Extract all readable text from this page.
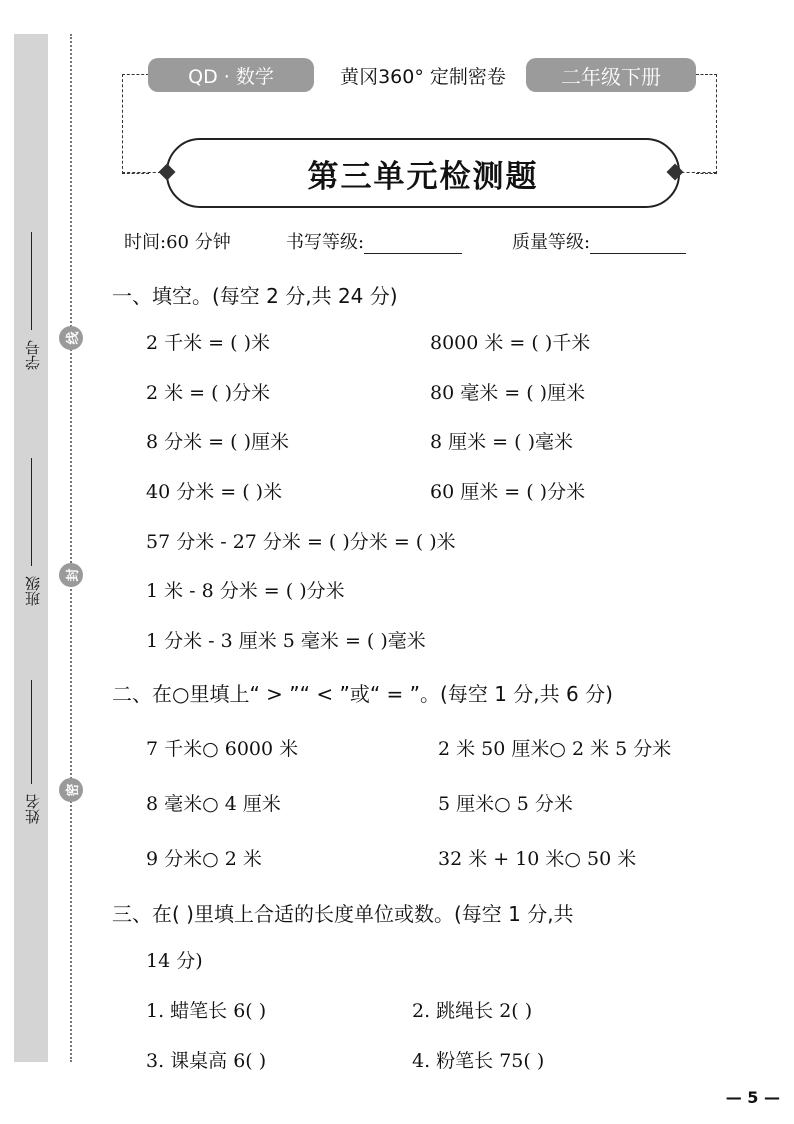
学号
班级
姓名
线
封
密
QD · 数学	黄冈360° 定制密卷	二年级下册
第三单元检测题
时间:60 分钟	书写等级:	质量等级:
一、填空。(每空 2 分,共 24 分)
2 千米 = ( )米	8000 米 = ( )千米
2 米 = ( )分米	80 毫米 = ( )厘米
8 分米 = ( )厘米	8 厘米 = ( )毫米
40 分米 = ( )米	60 厘米 = ( )分米
57 分米 - 27 分米 = ( )分米 = ( )米
1 米 - 8 分米 = ( )分米
1 分米 - 3 厘米 5 毫米 = ( )毫米
二、在○里填上“ > ”“ < ”或“ = ”。(每空 1 分,共 6 分)
7 千米○ 6000 米	2 米 50 厘米○ 2 米 5 分米
8 毫米○ 4 厘米	5 厘米○ 5 分米
9 分米○ 2 米	32 米 + 10 米○ 50 米
三、在( )里填上合适的长度单位或数。(每空 1 分,共
14 分)
1. 蜡笔长 6( )	2. 跳绳长 2( )
3. 课桌高 6( )	4. 粉笔长 75( )
— 5 —
